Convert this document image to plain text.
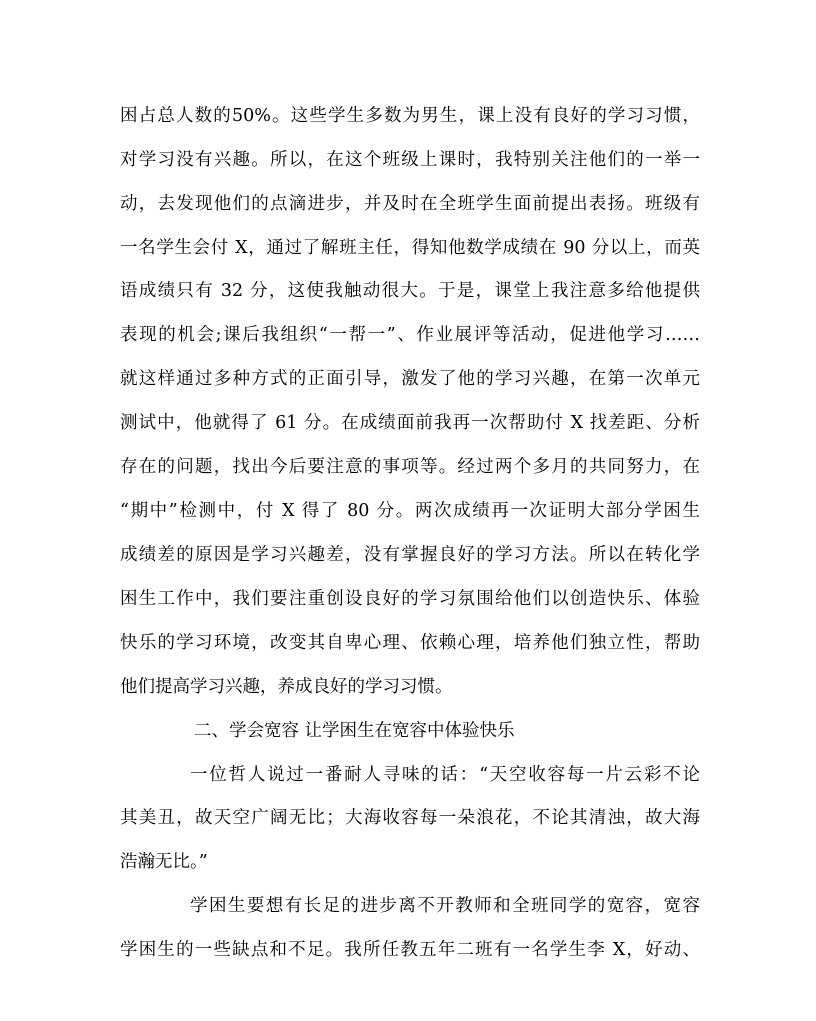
困占总人数的50%。这些学生多数为男生，课上没有良好的学习习惯，
对学习没有兴趣。所以，在这个班级上课时，我特别关注他们的一举一
动，去发现他们的点滴进步，并及时在全班学生面前提出表扬。班级有
一名学生会付 X，通过了解班主任，得知他数学成绩在 90 分以上，而英
语成绩只有 32 分，这使我触动很大。于是，课堂上我注意多给他提供
表现的机会;课后我组织“一帮一”、作业展评等活动，促进他学习……
就这样通过多种方式的正面引导，激发了他的学习兴趣，在第一次单元
测试中，他就得了 61 分。在成绩面前我再一次帮助付 X 找差距、分析
存在的问题，找出今后要注意的事项等。经过两个多月的共同努力，在
“期中”检测中，付 X 得了 80 分。两次成绩再一次证明大部分学困生
成绩差的原因是学习兴趣差，没有掌握良好的学习方法。所以在转化学
困生工作中，我们要注重创设良好的学习氛围给他们以创造快乐、体验
快乐的学习环境，改变其自卑心理、依赖心理，培养他们独立性，帮助
他们提高学习兴趣，养成良好的学习习惯。
二、学会宽容 让学困生在宽容中体验快乐
一位哲人说过一番耐人寻味的话：“天空收容每一片云彩不论
其美丑，故天空广阔无比；大海收容每一朵浪花，不论其清浊，故大海
浩瀚无比。”
学困生要想有长足的进步离不开教师和全班同学的宽容，宽容
学困生的一些缺点和不足。我所任教五年二班有一名学生李 X，好动、
